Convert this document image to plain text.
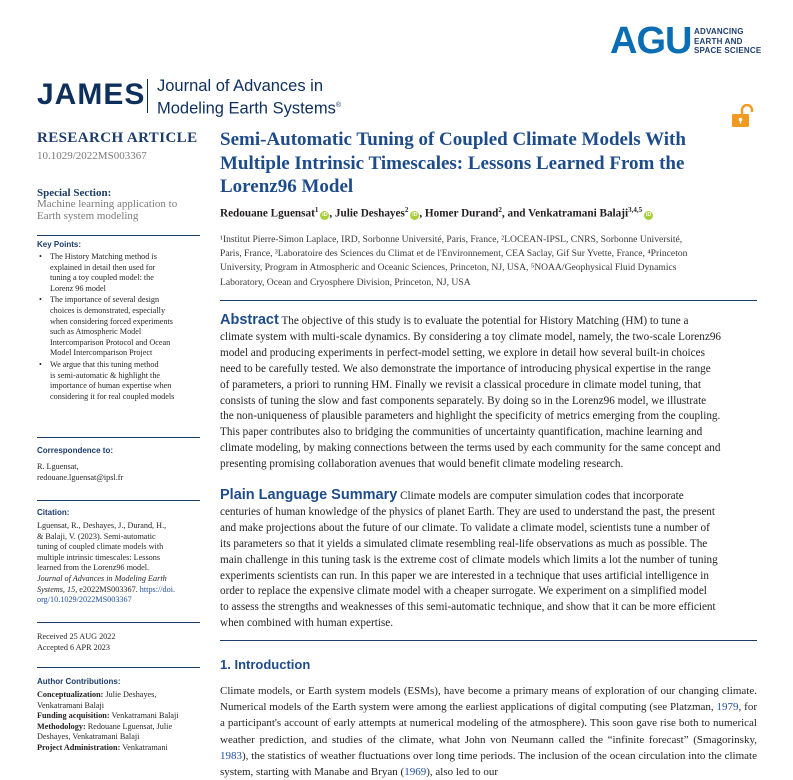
AGU ADVANCING
EARTH AND
SPACE SCIENCE
JAMES Journal of Advances in
Modeling Earth Systems®
RESEARCH ARTICLE
10.1029/2022MS003367
Special Section:
Machine learning application to
Earth system modeling
Key Points:
• The History Matching method is
explained in detail then used for
tuning a toy coupled model: the
Lorenz 96 model
• The importance of several design
choices is demonstrated, especially
when considering forced experiments
such as Atmospheric Model
Intercomparison Protocol and Ocean
Model Intercomparison Project
• We argue that this tuning method
is semi-automatic & highlight the
importance of human expertise when
considering it for real coupled models
Correspondence to:
R. Lguensat,
redouane.lguensat@ipsl.fr
Citation:
Lguensat, R., Deshayes, J., Durand, H.,
& Balaji, V. (2023). Semi-automatic
tuning of coupled climate models with
multiple intrinsic timescales: Lessons
learned from the Lorenz96 model.
Journal of Advances in Modeling Earth
Systems, 15, e2022MS003367. https://doi.
org/10.1029/2022MS003367
Received 25 AUG 2022
Accepted 6 APR 2023
Author Contributions:
Conceptualization: Julie Deshayes, Venkatramani Balaji
Funding acquisition: Venkatramani Balaji
Methodology: Redouane Lguensat, Julie Deshayes, Venkatramani Balaji
Project Administration: Venkatramani
Semi-Automatic Tuning of Coupled Climate Models With
Multiple Intrinsic Timescales: Lessons Learned From the
Lorenz96 Model
Redouane Lguensat$^1$iD , Julie Deshayes$^2$iD , Homer Durand$^2$, and Venkatramani Balaji$^{3,4,5}$iD
¹Institut Pierre-Simon Laplace, IRD, Sorbonne Université, Paris, France, ²LOCEAN-IPSL, CNRS, Sorbonne Université,
Paris, France, ³Laboratoire des Sciences du Climat et de l'Environnement, CEA Saclay, Gif Sur Yvette, France, ⁴Princeton
University, Program in Atmospheric and Oceanic Sciences, Princeton, NJ, USA, ⁵NOAA/Geophysical Fluid Dynamics
Laboratory, Ocean and Cryosphere Division, Princeton, NJ, USA
Abstract The objective of this study is to evaluate the potential for History Matching (HM) to tune a
climate system with multi-scale dynamics. By considering a toy climate model, namely, the two-scale Lorenz96
model and producing experiments in perfect-model setting, we explore in detail how several built-in choices
need to be carefully tested. We also demonstrate the importance of introducing physical expertise in the range
of parameters, a priori to running HM. Finally we revisit a classical procedure in climate model tuning, that
consists of tuning the slow and fast components separately. By doing so in the Lorenz96 model, we illustrate
the non-uniqueness of plausible parameters and highlight the specificity of metrics emerging from the coupling.
This paper contributes also to bridging the communities of uncertainty quantification, machine learning and
climate modeling, by making connections between the terms used by each community for the same concept and
presenting promising collaboration avenues that would benefit climate modeling research.
Plain Language Summary Climate models are computer simulation codes that incorporate
centuries of human knowledge of the physics of planet Earth. They are used to understand the past, the present
and make projections about the future of our climate. To validate a climate model, scientists tune a number of
its parameters so that it yields a simulated climate resembling real-life observations as much as possible. The
main challenge in this tuning task is the extreme cost of climate models which limits a lot the number of tuning
experiments scientists can run. In this paper we are interested in a technique that uses artificial intelligence in
order to replace the expensive climate model with a cheaper surrogate. We experiment on a simplified model
to assess the strengths and weaknesses of this semi-automatic technique, and show that it can be more efficient
when combined with human expertise.
1. Introduction
Climate models, or Earth system models (ESMs), have become a primary means of exploration of our changing climate. Numerical models of the Earth system were among the earliest applications of digital computing (see Platzman, 1979, for a participant's account of early attempts at numerical modeling of the atmosphere). This soon gave rise both to numerical weather prediction, and studies of the climate, what John von Neumann called the “infinite forecast” (Smagorinsky, 1983), the statistics of weather fluctuations over long time periods. The inclusion of the ocean circulation into the climate system, starting with Manabe and Bryan (1969), also led to our
